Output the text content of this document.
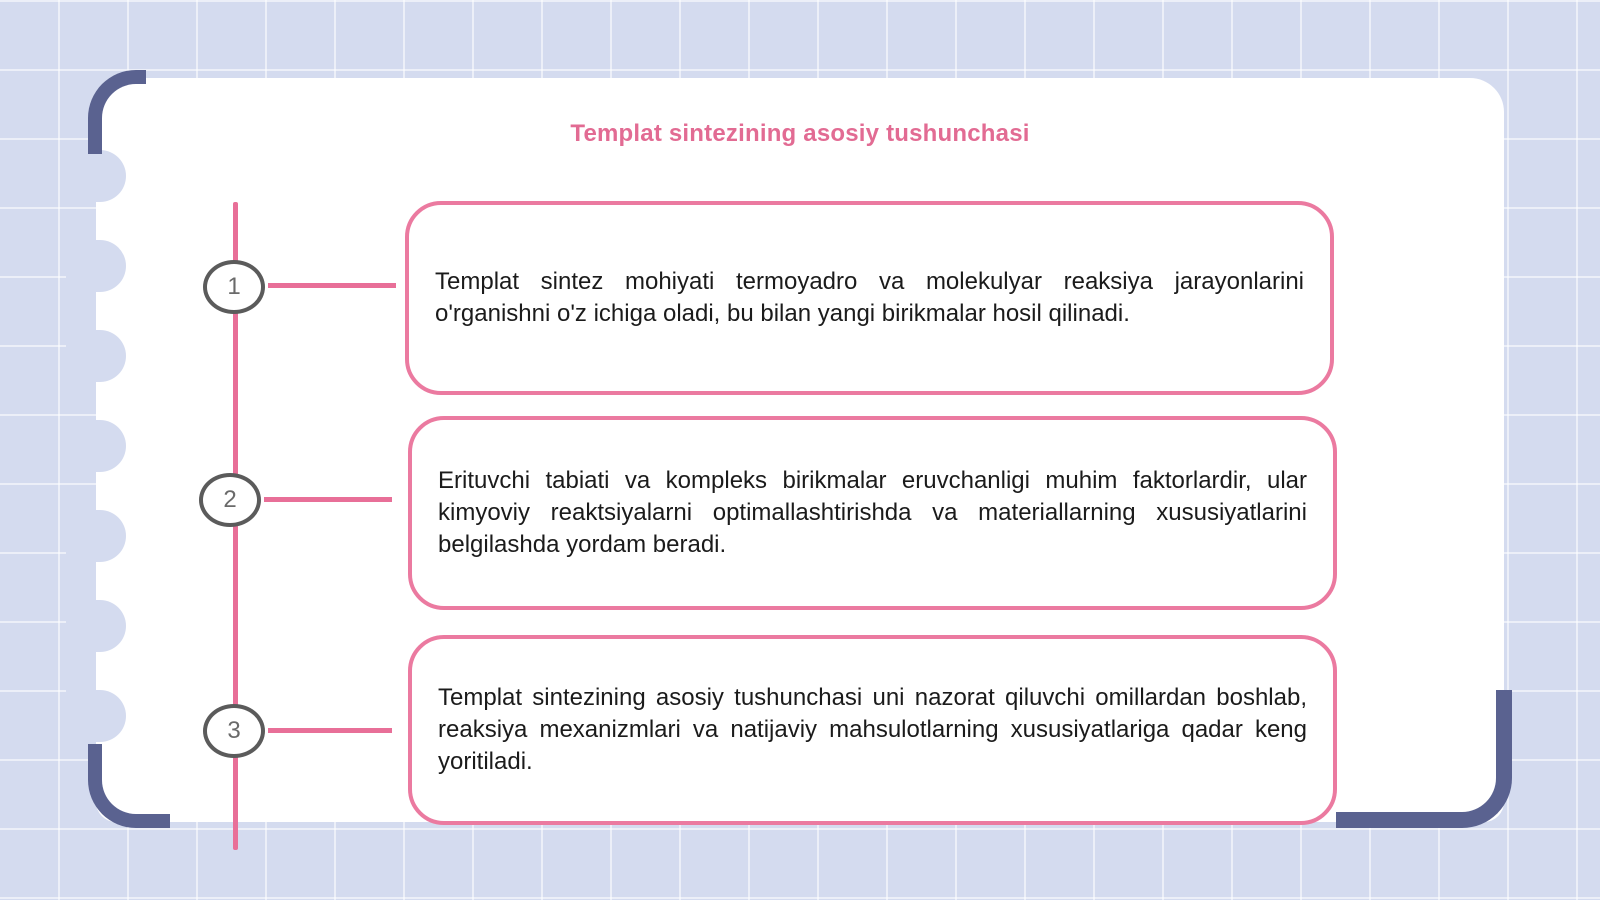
Templat sintezining asosiy tushunchasi
1
2
3
Templat sintez mohiyati termoyadro va molekulyar reaksiya jarayonlarini o'rganishni o'z ichiga oladi, bu bilan yangi birikmalar hosil qilinadi.
Erituvchi tabiati va kompleks birikmalar eruvchanligi muhim faktorlardir, ular kimyoviy reaktsiyalarni optimallashtirishda va materiallarning xususiyatlarini belgilashda yordam beradi.
Templat sintezining asosiy tushunchasi uni nazorat qiluvchi omillardan boshlab, reaksiya mexanizmlari va natijaviy mahsulotlarning xususiyatlariga qadar keng yoritiladi.
